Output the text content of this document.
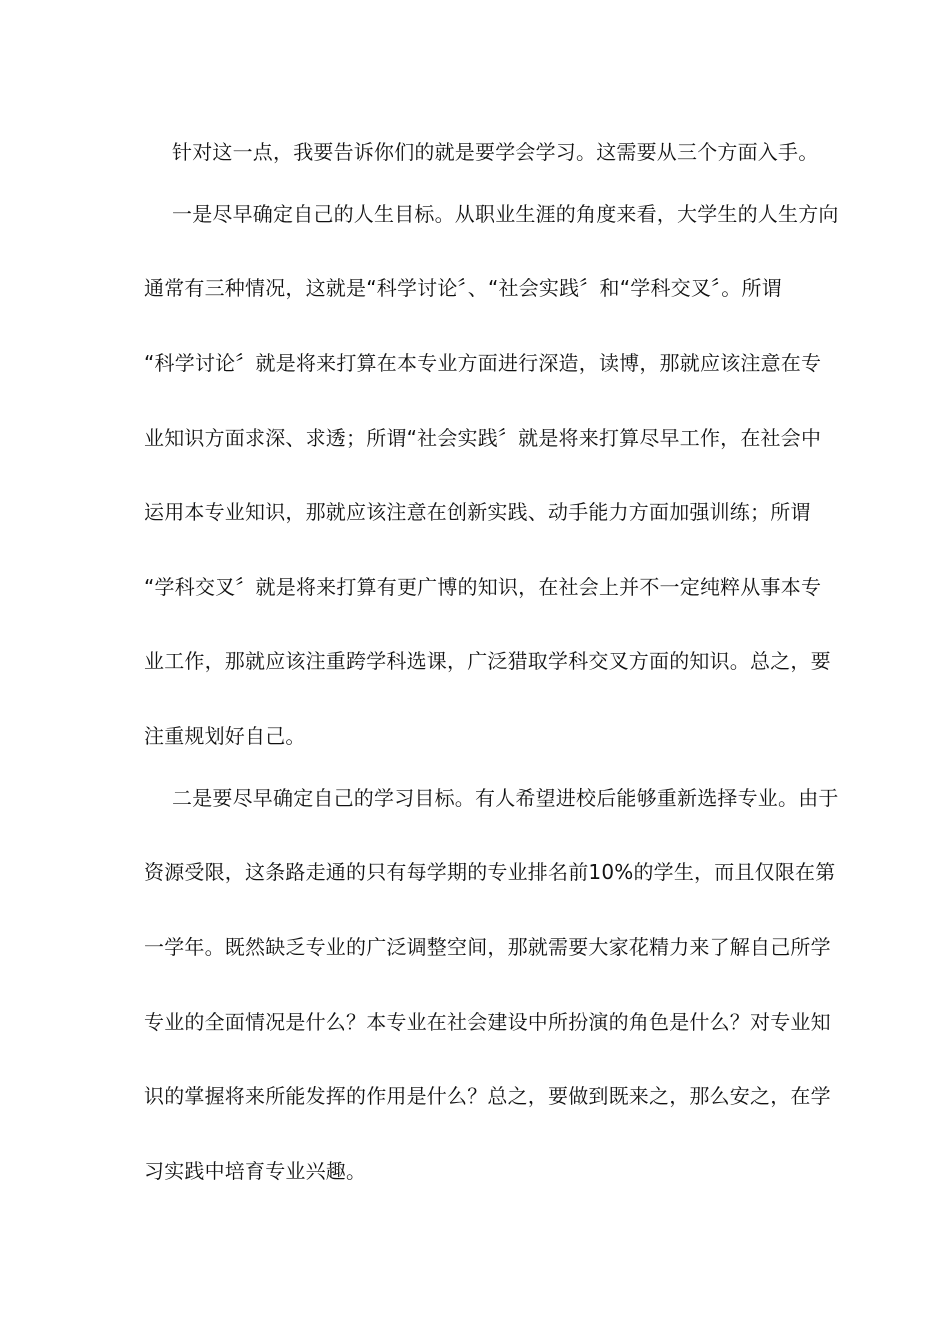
针对这一点，我要告诉你们的就是要学会学习。这需要从三个方面入手。
一是尽早确定自己的人生目标。从职业生涯的角度来看，大学生的人生方向
通常有三种情况，这就是“科学讨论〞、“社会实践〞和“学科交叉〞。所谓
“科学讨论〞就是将来打算在本专业方面进行深造，读博，那就应该注意在专
业知识方面求深、求透；所谓“社会实践〞就是将来打算尽早工作，在社会中
运用本专业知识，那就应该注意在创新实践、动手能力方面加强训练；所谓
“学科交叉〞就是将来打算有更广博的知识，在社会上并不一定纯粹从事本专
业工作，那就应该注重跨学科选课，广泛猎取学科交叉方面的知识。总之，要
注重规划好自己。
二是要尽早确定自己的学习目标。有人希望进校后能够重新选择专业。由于
资源受限，这条路走通的只有每学期的专业排名前10%的学生，而且仅限在第
一学年。既然缺乏专业的广泛调整空间，那就需要大家花精力来了解自己所学
专业的全面情况是什么？本专业在社会建设中所扮演的角色是什么？对专业知
识的掌握将来所能发挥的作用是什么？总之，要做到既来之，那么安之，在学
习实践中培育专业兴趣。
